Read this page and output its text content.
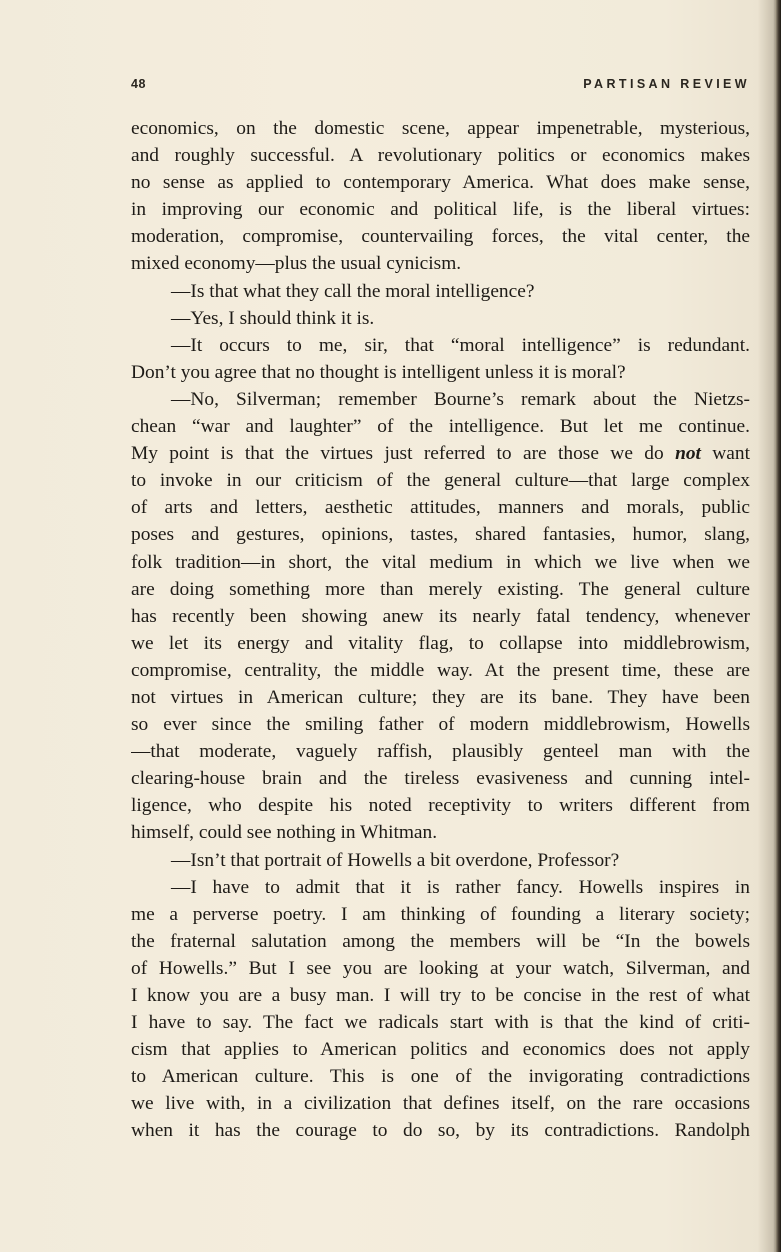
48	PARTISAN REVIEW
economics, on the domestic scene, appear impenetrable, mysterious,
and roughly successful. A revolutionary politics or economics makes
no sense as applied to contemporary America. What does make sense,
in improving our economic and political life, is the liberal virtues:
moderation, compromise, countervailing forces, the vital center, the
mixed economy—plus the usual cynicism.
—Is that what they call the moral intelligence?
—Yes, I should think it is.
—It occurs to me, sir, that “moral intelligence” is redundant.
Don’t you agree that no thought is intelligent unless it is moral?
—No, Silverman; remember Bourne’s remark about the Nietzs-
chean “war and laughter” of the intelligence. But let me continue.
My point is that the virtues just referred to are those we do not want
to invoke in our criticism of the general culture—that large complex
of arts and letters, aesthetic attitudes, manners and morals, public
poses and gestures, opinions, tastes, shared fantasies, humor, slang,
folk tradition—in short, the vital medium in which we live when we
are doing something more than merely existing. The general culture
has recently been showing anew its nearly fatal tendency, whenever
we let its energy and vitality flag, to collapse into middlebrowism,
compromise, centrality, the middle way. At the present time, these are
not virtues in American culture; they are its bane. They have been
so ever since the smiling father of modern middlebrowism, Howells
—that moderate, vaguely raffish, plausibly genteel man with the
clearing-house brain and the tireless evasiveness and cunning intel-
ligence, who despite his noted receptivity to writers different from
himself, could see nothing in Whitman.
—Isn’t that portrait of Howells a bit overdone, Professor?
—I have to admit that it is rather fancy. Howells inspires in
me a perverse poetry. I am thinking of founding a literary society;
the fraternal salutation among the members will be “In the bowels
of Howells.” But I see you are looking at your watch, Silverman, and
I know you are a busy man. I will try to be concise in the rest of what
I have to say. The fact we radicals start with is that the kind of criti-
cism that applies to American politics and economics does not apply
to American culture. This is one of the invigorating contradictions
we live with, in a civilization that defines itself, on the rare occasions
when it has the courage to do so, by its contradictions. Randolph
